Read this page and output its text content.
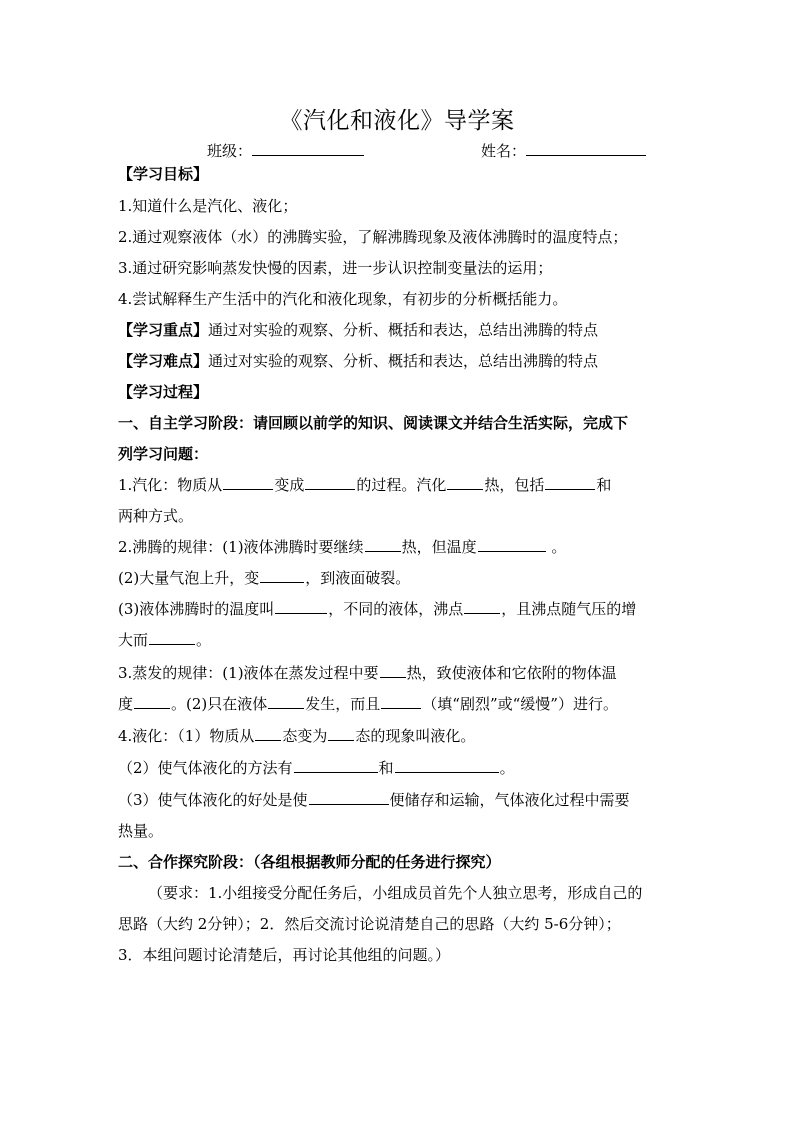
《汽化和液化》导学案
班级：	姓名：
【学习目标】
1.知道什么是汽化、液化；
2.通过观察液体（水）的沸腾实验，了解沸腾现象及液体沸腾时的温度特点；
3.通过研究影响蒸发快慢的因素，进一步认识控制变量法的运用；
4.尝试解释生产生活中的汽化和液化现象，有初步的分析概括能力。
【学习重点】通过对实验的观察、分析、概括和表达，总结出沸腾的特点
【学习难点】通过对实验的观察、分析、概括和表达，总结出沸腾的特点
【学习过程】
一、自主学习阶段：请回顾以前学的知识、阅读课文并结合生活实际，完成下
列学习问题：
1.汽化：物质从	变成	的过程。汽化	热，包括	和
两种方式。
2.沸腾的规律：(1)液体沸腾时要继续	热，但温度	。
(2)大量气泡上升，变	，到液面破裂。
(3)液体沸腾时的温度叫	，不同的液体，沸点	，且沸点随气压的增
大而	。
3.蒸发的规律：(1)液体在蒸发过程中要 热，致使液体和它依附的物体温
度	。(2)只在液体	发生，而且	（填“剧烈”或“缓慢”）进行。
4.液化：（1）物质从 态变为 态的现象叫液化。
（2）使气体液化的方法有	和	。
（3）使气体液化的好处是使	便储存和运输，气体液化过程中需要
热量。
二、合作探究阶段：（各组根据教师分配的任务进行探究）
（要求：1.小组接受分配任务后，小组成员首先个人独立思考，形成自己的
思路（大约 2分钟）；2．然后交流讨论说清楚自己的思路（大约 5-6分钟）；
3．本组问题讨论清楚后，再讨论其他组的问题。）
